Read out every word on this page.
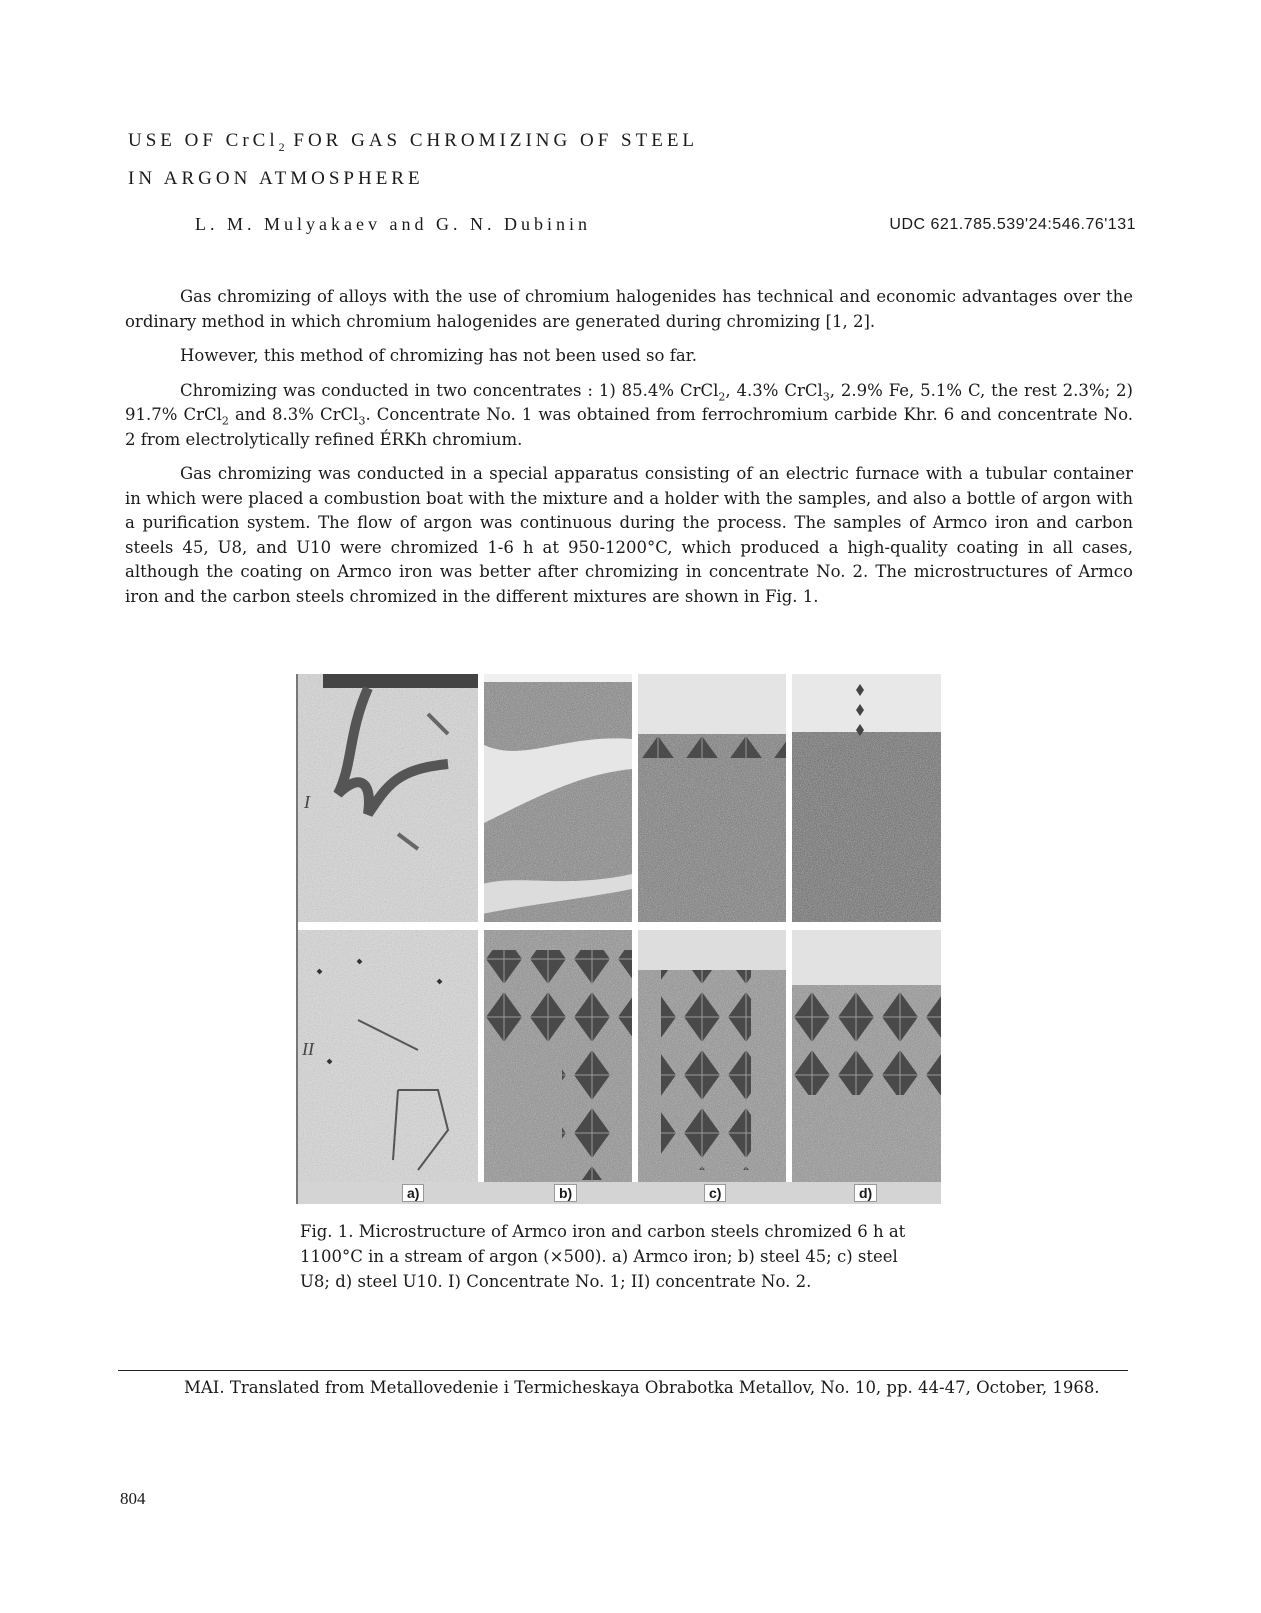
USE OF CrCl$_2$ FOR GAS CHROMIZING OF STEEL
IN ARGON ATMOSPHERE
L. M. Mulyakaev and G. N. Dubinin	UDC 621.785.539'24:546.76'131

Gas chromizing of alloys with the use of chromium halogenides has technical and economic advantages over the ordinary method in which chromium halogenides are generated during chromizing [1, 2].

However, this method of chromizing has not been used so far.

Chromizing was conducted in two concentrates : 1) 85.4% CrCl$_2$, 4.3% CrCl$_3$, 2.9% Fe, 5.1% C, the rest 2.3%; 2) 91.7% CrCl$_2$ and 8.3% CrCl$_3$. Concentrate No. 1 was obtained from ferrochromium carbide Khr. 6 and concentrate No. 2 from electrolytically refined ÉRKh chromium.

Gas chromizing was conducted in a special apparatus consisting of an electric furnace with a tubular container in which were placed a combustion boat with the mixture and a holder with the samples, and also a bottle of argon with a purification system. The flow of argon was continuous during the process. The samples of Armco iron and carbon steels 45, U8, and U10 were chromized 1-6 h at 950-1200°C, which produced a high-quality coating in all cases, although the coating on Armco iron was better after chromizing in concentrate No. 2. The microstructures of Armco iron and the carbon steels chromized in the different mixtures are shown in Fig. 1.

I
II
a)	b)	c)	d)
Fig. 1. Microstructure of Armco iron and carbon steels chromized 6 h at 1100°C in a stream of argon (×500). a) Armco iron; b) steel 45; c) steel U8; d) steel U10. I) Concentrate No. 1; II) concentrate No. 2.
MAI. Translated from Metallovedenie i Termicheskaya Obrabotka Metallov, No. 10, pp. 44-47, October, 1968.
804
